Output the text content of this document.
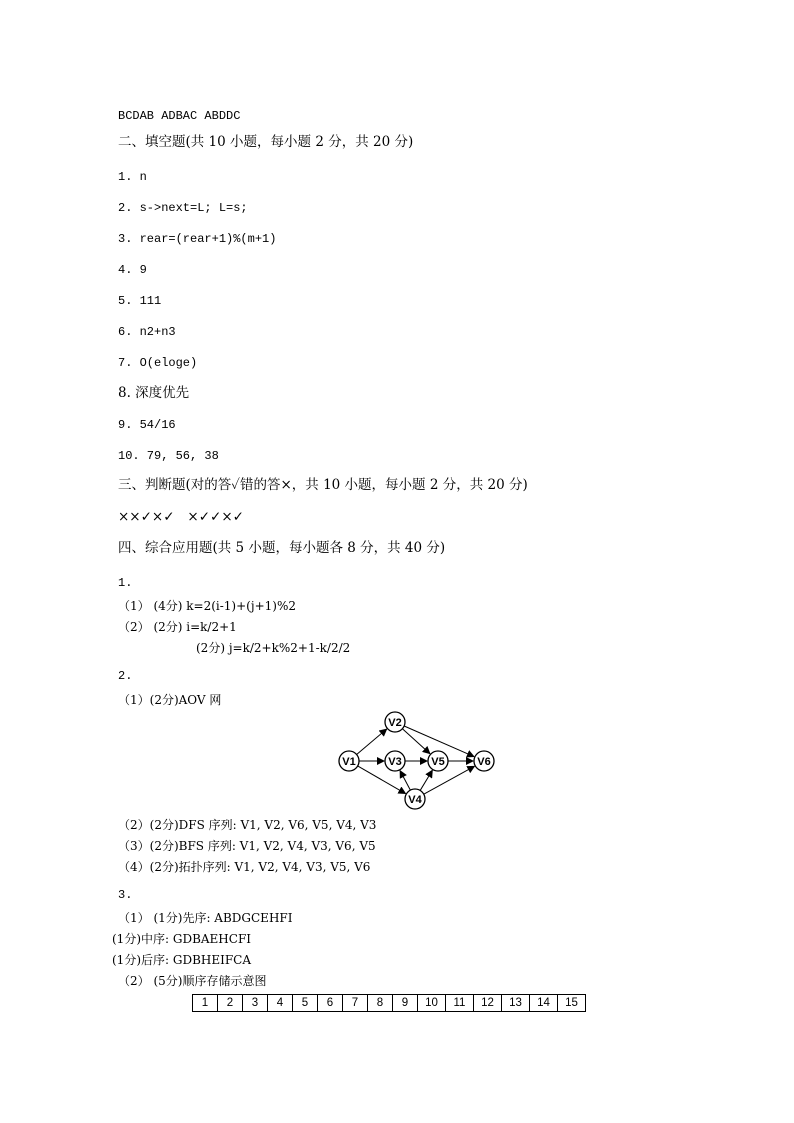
BCDAB ADBAC ABDDC
二、填空题(共 10 小题，每小题 2 分，共 20 分)
1. n
2. s->next=L; L=s;
3. rear=(rear+1)%(m+1)
4. 9
5. 111
6. n2+n3
7. O(eloge)
8. 深度优先
9. 54/16
10. 79, 56, 38
三、判断题(对的答✓错的答×，共 10 小题，每小题 2 分，共 20 分)
××✓×✓   ×✓✓×✓
四、综合应用题(共 5 小题，每小题各 8 分，共 40 分)
1.
（1） (4分) k=2(i-1)+(j+1)%2
（2） (2分) i=k/2+1
(2分) j=k/2+k%2+1-k/2/2
2.
（1）(2分)AOV 网
V1
V2
V3
V4
V5	V6
（2）(2分)DFS 序列: V1, V2, V6, V5, V4, V3
（3）(2分)BFS 序列: V1, V2, V4, V3, V6, V5
（4）(2分)拓扑序列: V1, V2, V4, V3, V5, V6
3.
（1） (1分)先序: ABDGCEHFI
(1分)中序: GDBAEHCFI
(1分)后序: GDBHEIFCA
（2） (5分)顺序存储示意图
1	2	3	4	5	6	7	8	9	10	11	12	13	14	15
